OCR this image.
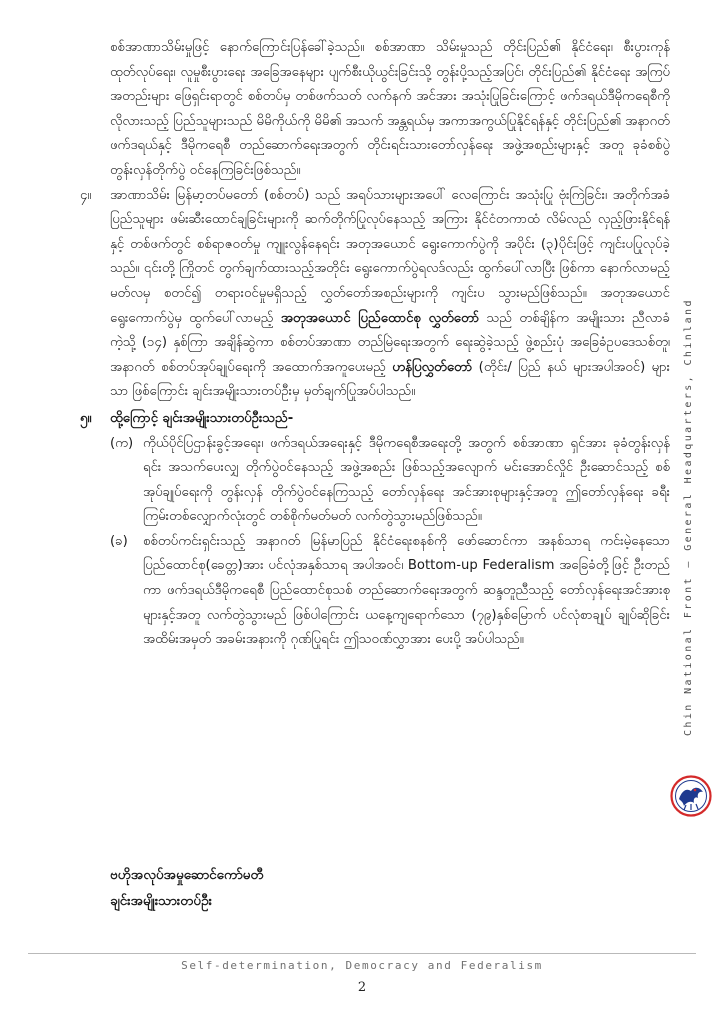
စစ်အာဏာသိမ်းမှုဖြင့် နောက်ကြောင်းပြန်ခေါ်ခဲ့သည်။ စစ်အာဏာ သိမ်းမှုသည် တိုင်းပြည်၏ နိုင်ငံရေး၊ စီးပွားကုန်ထုတ်လုပ်ရေး၊ လူမှုစီးပွားရေး အခြေအနေများ ပျက်စီးယိုယွင်းခြင်းသို့ တွန်းပို့သည့်အပြင်၊ တိုင်းပြည်၏ နိုင်ငံရေး အကြပ်အတည်းများ ဖြေရှင်းရာတွင် စစ်တပ်မှ တစ်ဖက်သတ် လက်နက် အင်အား အသုံးပြုခြင်းကြောင့် ဖက်ဒရယ်ဒီမိုကရေစီကို လိုလားသည့် ပြည်သူများသည် မိမိကိုယ်ကို မိမိ၏ အသက် အန္တရယ်မှ အကာအကွယ်ပြုနိုင်ရန်နှင့် တိုင်းပြည်၏ အနာဂတ်ဖက်ဒရယ်နှင့် ဒီမိုကရေစီ တည်ဆောက်ရေးအတွက် တိုင်းရင်းသားတော်လှန်ရေး အဖွဲ့အစည်းများနှင့် အတူ ခုခံစစ်ပွဲ တွန်းလှန်တိုက်ပွဲ ဝင်နေကြခြင်းဖြစ်သည်။

၄။ အာဏာသိမ်း မြန်မာ့တပ်မတော် (စစ်တပ်) သည် အရပ်သားများအပေါ် လေကြောင်း အသုံးပြု ဗုံးကြဲခြင်း၊ အတိုက်အခံပြည်သူများ ဖမ်းဆီးထောင်ချခြင်းများကို ဆက်တိုက်ပြုလုပ်နေသည့် အကြား နိုင်ငံတကာထံ လိမ်လည် လှည့်ဖြားနိုင်ရန်နှင့် တစ်ဖက်တွင် စစ်ရာဇ၀တ်မှု ကျူးလွန်နေရင်း အတုအယောင် ရွေးကောက်ပွဲကို အပိုင်း (၃)ပိုင်းဖြင့် ကျင်းပပြုလုပ်ခဲ့သည်။ ၎င်းတို့ ကြိုတင် တွက်ချက်ထားသည့်အတိုင်း ရွေးကောက်ပွဲရလဒ်လည်း ထွက်ပေါ်လာပြီး ဖြစ်ကာ နောက်လာမည့် မတ်လမှ စတင်၍ တရားဝင်မှုမရှိသည့် လွှတ်တော်အစည်းများကို ကျင်းပ သွားမည်ဖြစ်သည်။ အတုအယောင်ရွေးကောက်ပွဲမှ ထွက်ပေါ်လာမည့် အတုအယောင် ပြည်ထောင်စု လွှတ်တော် သည် တစ်ချိန်က အမျိုးသား ညီလာခံကဲ့သို့ (၁၄) နှစ်ကြာ အချိန်ဆွဲကာ စစ်တပ်အာဏာ တည်မြဲရေးအတွက် ရေးဆွဲခဲ့သည့် ဖွဲ့စည်းပုံ အခြေခံဥပဒေသစ်တူ၊ အနာဂတ် စစ်တပ်အုပ်ချုပ်ရေးကို အထောက်အကူပေးမည့် ဟန်ပြလွှတ်တော် (တိုင်း/ ပြည် နယ် များအပါအဝင်) များသာ ဖြစ်ကြောင်း ချင်းအမျိုးသားတပ်ဦးမှ မှတ်ချက်ပြုအပ်ပါသည်။
၅။ ထို့ကြောင့် ချင်းအမျိုးသားတပ်ဦးသည်-
(က) ကိုယ်ပိုင်ပြဌာန်းခွင့်အရေး၊ ဖက်ဒရယ်အရေးနှင့် ဒီမိုကရေစီအရေးတို့ အတွက် စစ်အာဏာ ရှင်အား ခုခံတွန်းလှန် ရင်း အသက်ပေးလျှ တိုက်ပွဲဝင်နေသည့် အဖွဲ့အစည်း ဖြစ်သည့်အလျောက် မင်းအောင်လှိုင် ဦးဆောင်သည့် စစ် အုပ်ချုပ်ရေးကို တွန်းလှန် တိုက်ပွဲဝင်နေကြသည့် တော်လှန်ရေး အင်အားစုများနှင့်အတူ ဤတော်လှန်ရေး ခရီး ကြမ်းတစ်လျှောက်လုံးတွင် တစ်စိုက်မတ်မတ် လက်တွဲသွားမည်ဖြစ်သည်။
(ခ) စစ်တပ်ကင်းရှင်းသည့် အနာဂတ် မြန်မာပြည် နိုင်ငံရေးစနစ်ကို ဖော်ဆောင်ကာ အနစ်သာရ ကင်းမဲ့နေသော ပြည်ထောင်စု(ခေတ္တ)အား ပင်လုံအနှစ်သာရ အပါအဝင်၊ Bottom-up Federalism အခြေခံတို့ဖြင့် ဦးတည်ကာ ဖက်ဒရယ်ဒီမိုကရေစီ ပြည်ထောင်စုသစ် တည်ဆောက်ရေးအတွက် ဆန္ဒတူညီသည့် တော်လှန်ရေးအင်အားစု များနှင့်အတူ လက်တွဲသွားမည် ဖြစ်ပါကြောင်း ယနေ့ကျရောက်သော (၇၉)နှစ်မြောက် ပင်လုံစာချုပ် ချုပ်ဆိုခြင်း အထိမ်းအမှတ် အခမ်းအနားကို ဂုဏ်ပြုရင်း ဤသဝဏ်လွှာအား ပေးပို့ အပ်ပါသည်။
ဗဟိုအလုပ်အမှုဆောင်ကော်မတီ
ချင်းအမျိုးသားတပ်ဦး
Chin National Front – General Headquarters, Chinland
Self-determination, Democracy and Federalism
2
